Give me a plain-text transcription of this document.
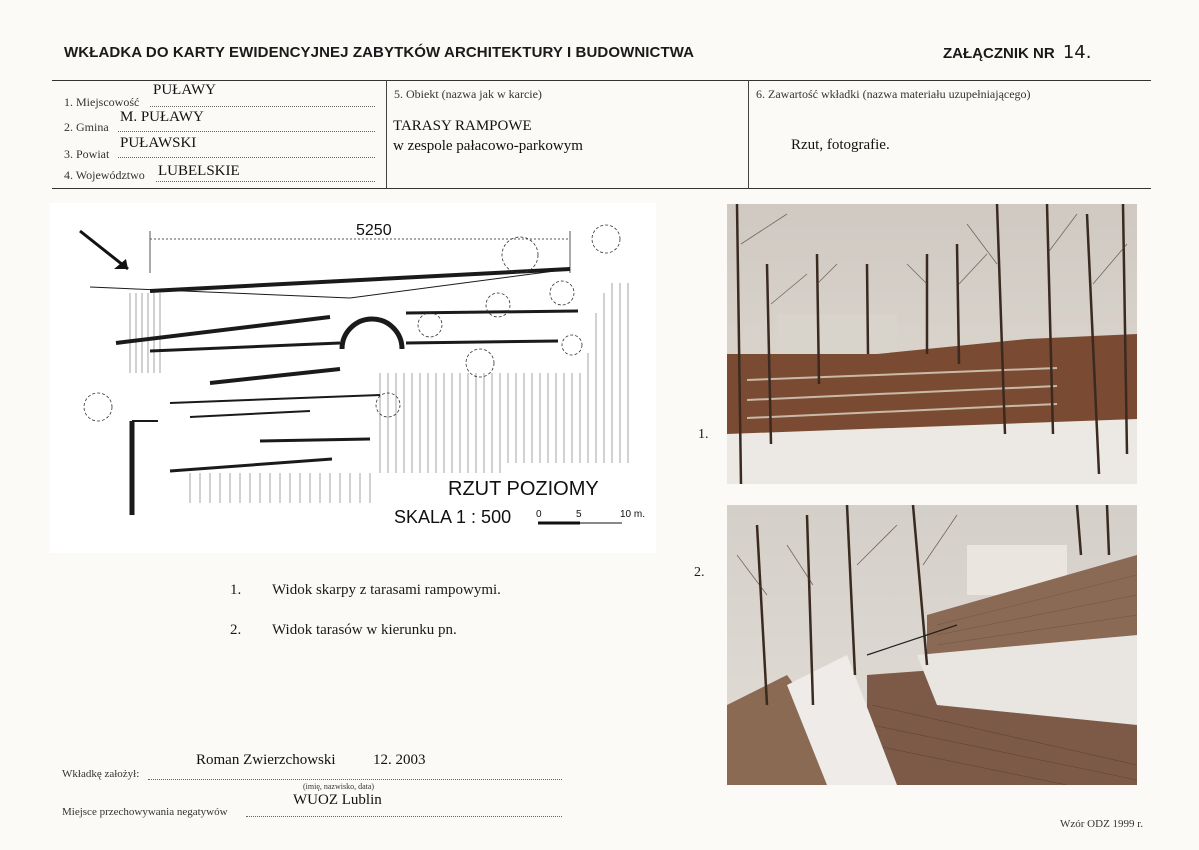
WKŁADKA DO KARTY EWIDENCYJNEJ ZABYTKÓW ARCHITEKTURY I BUDOWNICTWA	ZAŁĄCZNIK NR 14.
1. Miejscowość
PUŁAWY
2. Gmina
M. PUŁAWY
3. Powiat
PUŁAWSKI
4. Województwo LUBELSKIE
5. Obiekt (nazwa jak w karcie)
TARASY RAMPOWE
w zespole pałacowo-parkowym
6. Zawartość wkładki (nazwa materiału uzupełniającego)
Rzut, fotografie.
5250
RZUT POZIOMY
SKALA 1 : 500 0	5	10 m.
1. Widok skarpy z tarasami rampowymi.
2. Widok tarasów w kierunku pn.
1.
2.
Roman Zwierzchowski 12. 2003
Wkładkę założył:
(imię, nazwisko, data)
WUOZ Lublin
Miejsce przechowywania negatywów
Wzór ODZ 1999 r.
